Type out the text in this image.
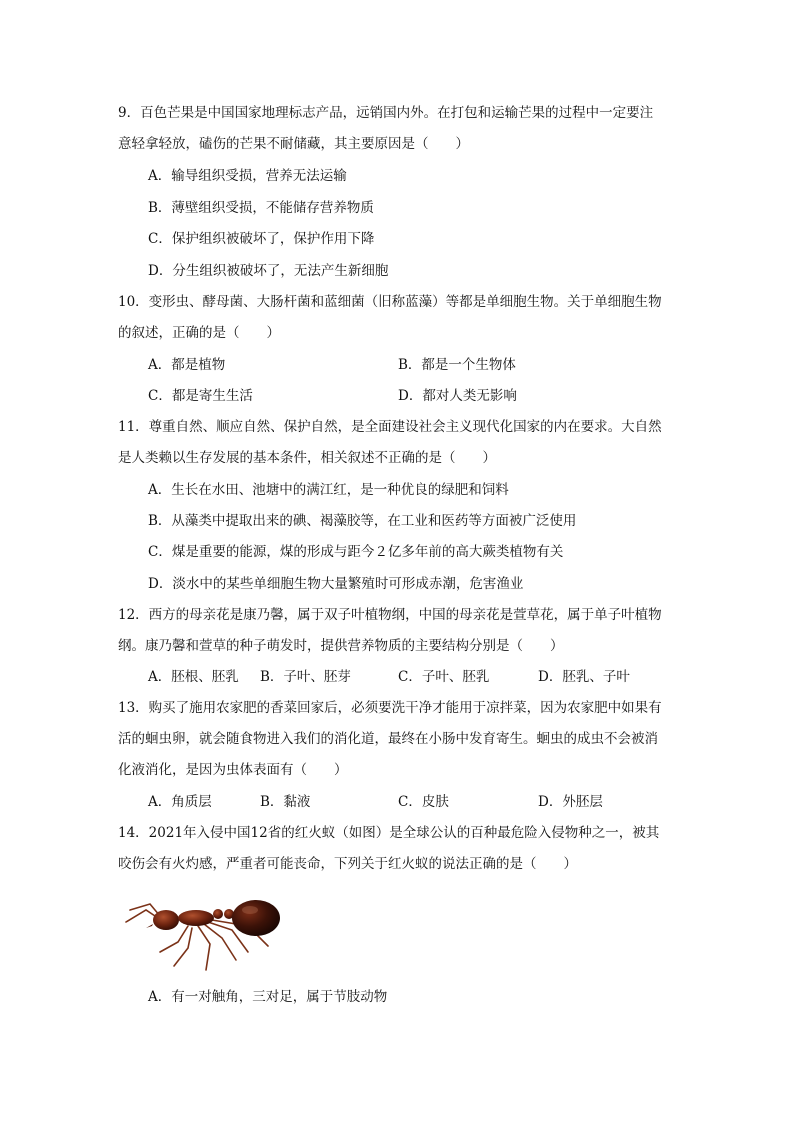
9．百色芒果是中国国家地理标志产品，远销国内外。在打包和运输芒果的过程中一定要注
意轻拿轻放，磕伤的芒果不耐储藏，其主要原因是（　　）
A．输导组织受损，营养无法运输
B．薄壁组织受损，不能储存营养物质
C．保护组织被破坏了，保护作用下降
D．分生组织被破坏了，无法产生新细胞
10．变形虫、酵母菌、大肠杆菌和蓝细菌（旧称蓝藻）等都是单细胞生物。关于单细胞生物
的叙述，正确的是（　　）
A．都是植物	B．都是一个生物体
C．都是寄生生活	D．都对人类无影响
11．尊重自然、顺应自然、保护自然，是全面建设社会主义现代化国家的内在要求。大自然
是人类赖以生存发展的基本条件，相关叙述不正确的是（　　）
A．生长在水田、池塘中的满江红，是一种优良的绿肥和饲料
B．从藻类中提取出来的碘、褐藻胶等，在工业和医药等方面被广泛使用
C．煤是重要的能源，煤的形成与距今２亿多年前的高大蕨类植物有关
D．淡水中的某些单细胞生物大量繁殖时可形成赤潮，危害渔业
12．西方的母亲花是康乃馨，属于双子叶植物纲，中国的母亲花是萱草花，属于单子叶植物
纲。康乃馨和萱草的种子萌发时，提供营养物质的主要结构分别是（　　）
A．胚根、胚乳 B．子叶、胚芽	C．子叶、胚乳	D．胚乳、子叶
13．购买了施用农家肥的香菜回家后，必须要洗干净才能用于凉拌菜，因为农家肥中如果有
活的蛔虫卵，就会随食物进入我们的消化道，最终在小肠中发育寄生。蛔虫的成虫不会被消
化液消化，是因为虫体表面有（　　）
A．角质层	B．黏液	C．皮肤	D．外胚层
14．2021年入侵中国12省的红火蚁（如图）是全球公认的百种最危险入侵物种之一，被其
咬伤会有火灼感，严重者可能丧命，下列关于红火蚁的说法正确的是（　　）
A．有一对触角，三对足，属于节肢动物
